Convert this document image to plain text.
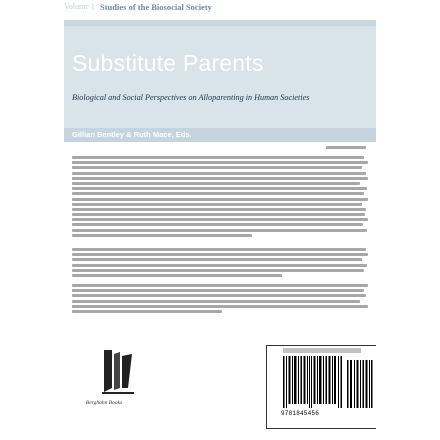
Volume 1 Studies of the Biosocial Society
Substitute Parents
Biological and Social Perspectives on Alloparenting in Human Societies
Gillian Bentley & Ruth Mace, Eds.
Berghahn Books
9781845456
